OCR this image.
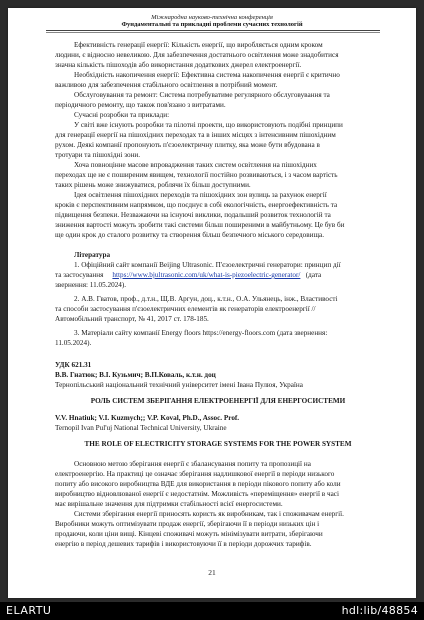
Міжнародна науково-технічна конференція
Фундаментальні та прикладні проблеми сучасних технологій
Ефективність генерації енергії: Кількість енергії, що виробляється одним кроком
людини, є відносно невеликою. Для забезпечення достатнього освітлення може знадобитися
значна кількість пішоходів або використання додаткових джерел електроенергії.
Необхідність накопичення енергії: Ефективна система накопичення енергії є критично
важливою для забезпечення стабільного освітлення в потрібний момент.
Обслуговування та ремонт: Система потребуватиме регулярного обслуговування та
періодичного ремонту, що також пов'язано з витратами.
Сучасні розробки та приклади:
У світі вже існують розробки та пілотні проекти, що використовують подібні принципи
для генерації енергії на пішохідних переходах та в інших місцях з інтенсивним пішохідним
рухом. Деякі компанії пропонують п'єзоелектричну плитку, яка може бути вбудована в
тротуари та пішохідні зони.
Хоча повноцінне масове впровадження таких систем освітлення на пішохідних
переходах ще не є поширеним явищем, технології постійно розвиваються, і з часом вартість
таких рішень може знижуватися, роблячи їх більш доступними.
Ідея освітлення пішохідних переходів та пішохідних зон вулиць за рахунок енергії
кроків є перспективним напрямком, що поєднує в собі екологічність, енергоефективність та
підвищення безпеки. Незважаючи на існуючі виклики, подальший розвиток технологій та
зниження вартості можуть зробити такі системи більш поширеними в майбутньому. Це був би
ще один крок до сталого розвитку та створення більш безпечного міського середовища.
Література
1. Офіційний сайт компанії Beijing Ultrasonic. П'єзоелектричні генератори: принцип дії
та застосування https://www.bjultrasonic.com/uk/what-is-piezoelectric-generator/ (дата
звернення: 11.05.2024).
2. А.В. Гватов, проф., д.т.н., Щ.В. Аргун, доц., к.т.н., О.А. Ульянець, інж., Властивості
та способи застосування п'єзоелектричних елементів як генераторів електроенергії //
Автомобільний транспорт, № 41, 2017 ст. 178-185.
3. Матеріали сайту компанії Energy floors https://energy-floors.com (дата звернення:
11.05.2024).
УДК 621.31
В.В. Гнатюк; В.І. Кузьмич; В.П.Коваль, к.т.н. доц
Тернопільський національний технічний університет імені Івана Пулюя, Україна
РОЛЬ СИСТЕМ ЗБЕРІГАННЯ ЕЛЕКТРОЕНЕРГІЇ ДЛЯ ЕНЕРГОСИСТЕМИ
V.V. Hnatiuk; V.I. Kuzmych;; V.P. Koval, Ph.D., Assoc. Prof.
Ternopil Ivan Pul'uj National Technical University, Ukraine
THE ROLE OF ELECTRICITY STORAGE SYSTEMS FOR THE POWER SYSTEM
Основною метою зберігання енергії є збалансування попиту та пропозиції на
електроенергію. На практиці це означає зберігання надлишкової енергії в періоди низького
попиту або високого виробництва ВДЕ для використання в періоди пікового попиту або коли
виробництво відновлюваної енергії є недостатнім. Можливість «переміщення» енергії в часі
має вирішальне значення для підтримки стабільності всієї енергосистеми.
Системи зберігання енергії приносять користь як виробникам, так і споживачам енергії.
Виробники можуть оптимізувати продаж енергії, зберігаючи її в періоди низьких цін і
продаючи, коли ціни вищі. Кінцеві споживачі можуть мінімізувати витрати, зберігаючи
енергію в період дешевих тарифів і використовуючи її в періоди дорожчих тарифів.
21
ELARTU	hdl:lib/48854
